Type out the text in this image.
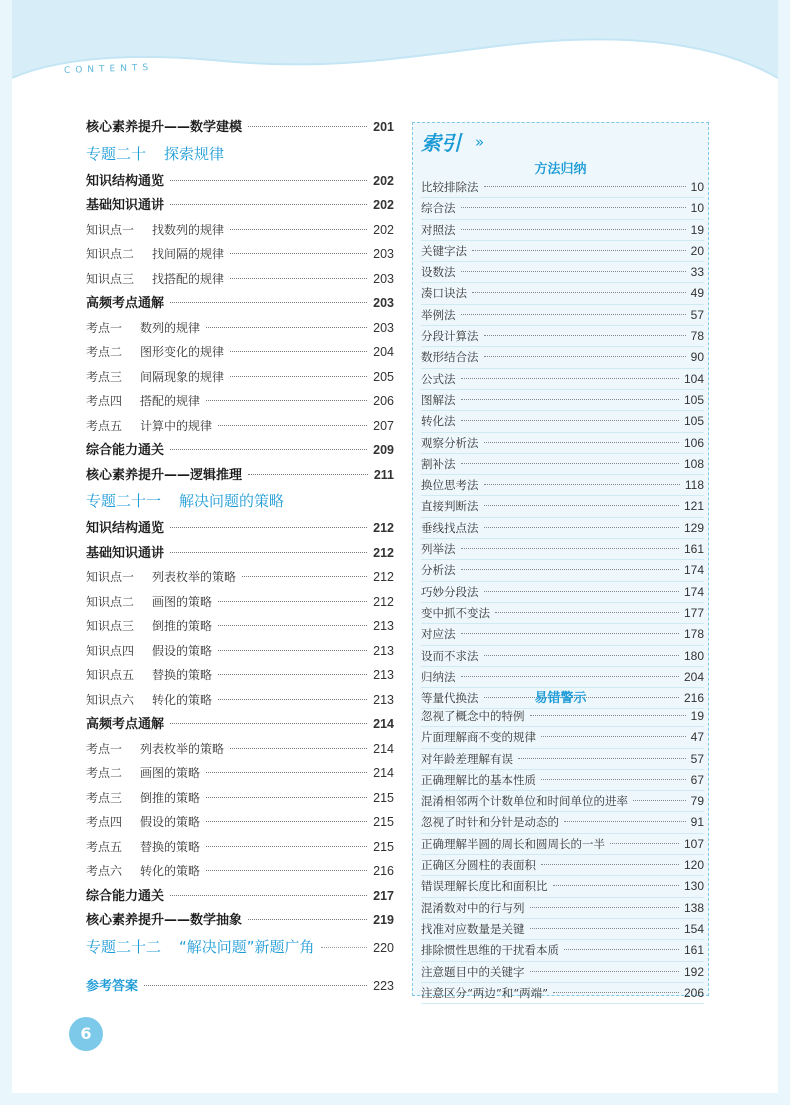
CONTENTS
核心素养提升——数学建模	201
专题二十 探索规律
知识结构通览	202
基础知识通讲	202
知识点一 找数列的规律	202
知识点二 找间隔的规律	203
知识点三 找搭配的规律	203
高频考点通解	203
考点一 数列的规律	203
考点二 图形变化的规律	204
考点三 间隔现象的规律	205
考点四 搭配的规律	206
考点五 计算中的规律	207
综合能力通关	209
核心素养提升——逻辑推理	211
专题二十一 解决问题的策略
知识结构通览	212
基础知识通讲	212
知识点一 列表枚举的策略	212
知识点二 画图的策略	212
知识点三 倒推的策略	213
知识点四 假设的策略	213
知识点五 替换的策略	213
知识点六 转化的策略	213
高频考点通解	214
考点一 列表枚举的策略	214
考点二 画图的策略	214
考点三 倒推的策略	215
考点四 假设的策略	215
考点五 替换的策略	215
考点六 转化的策略	216
综合能力通关	217
核心素养提升——数学抽象	219
专题二十二 “解决问题”新题广角	220
参考答案	223
索引 »
方法归纳
比较排除法	10
综合法	10
对照法	19
关键字法	20
设数法	33
凑口诀法	49
举例法	57
分段计算法	78
数形结合法	90
公式法	104
图解法	105
转化法	105
观察分析法	106
割补法	108
换位思考法	118
直接判断法	121
垂线找点法	129
列举法	161
分析法	174
巧妙分段法	174
变中抓不变法	177
对应法	178
设而不求法	180
归纳法	204
等量代换法	216
易错警示
忽视了概念中的特例	19
片面理解商不变的规律	47
对年龄差理解有误	57
正确理解比的基本性质	67
混淆相邻两个计数单位和时间单位的进率	79
忽视了时针和分针是动态的	91
正确理解半圆的周长和圆周长的一半	107
正确区分圆柱的表面积	120
错误理解长度比和面积比	130
混淆数对中的行与列	138
找准对应数量是关键	154
排除惯性思维的干扰看本质	161
注意题目中的关键字	192
注意区分“两边”和“两端”	206
6
